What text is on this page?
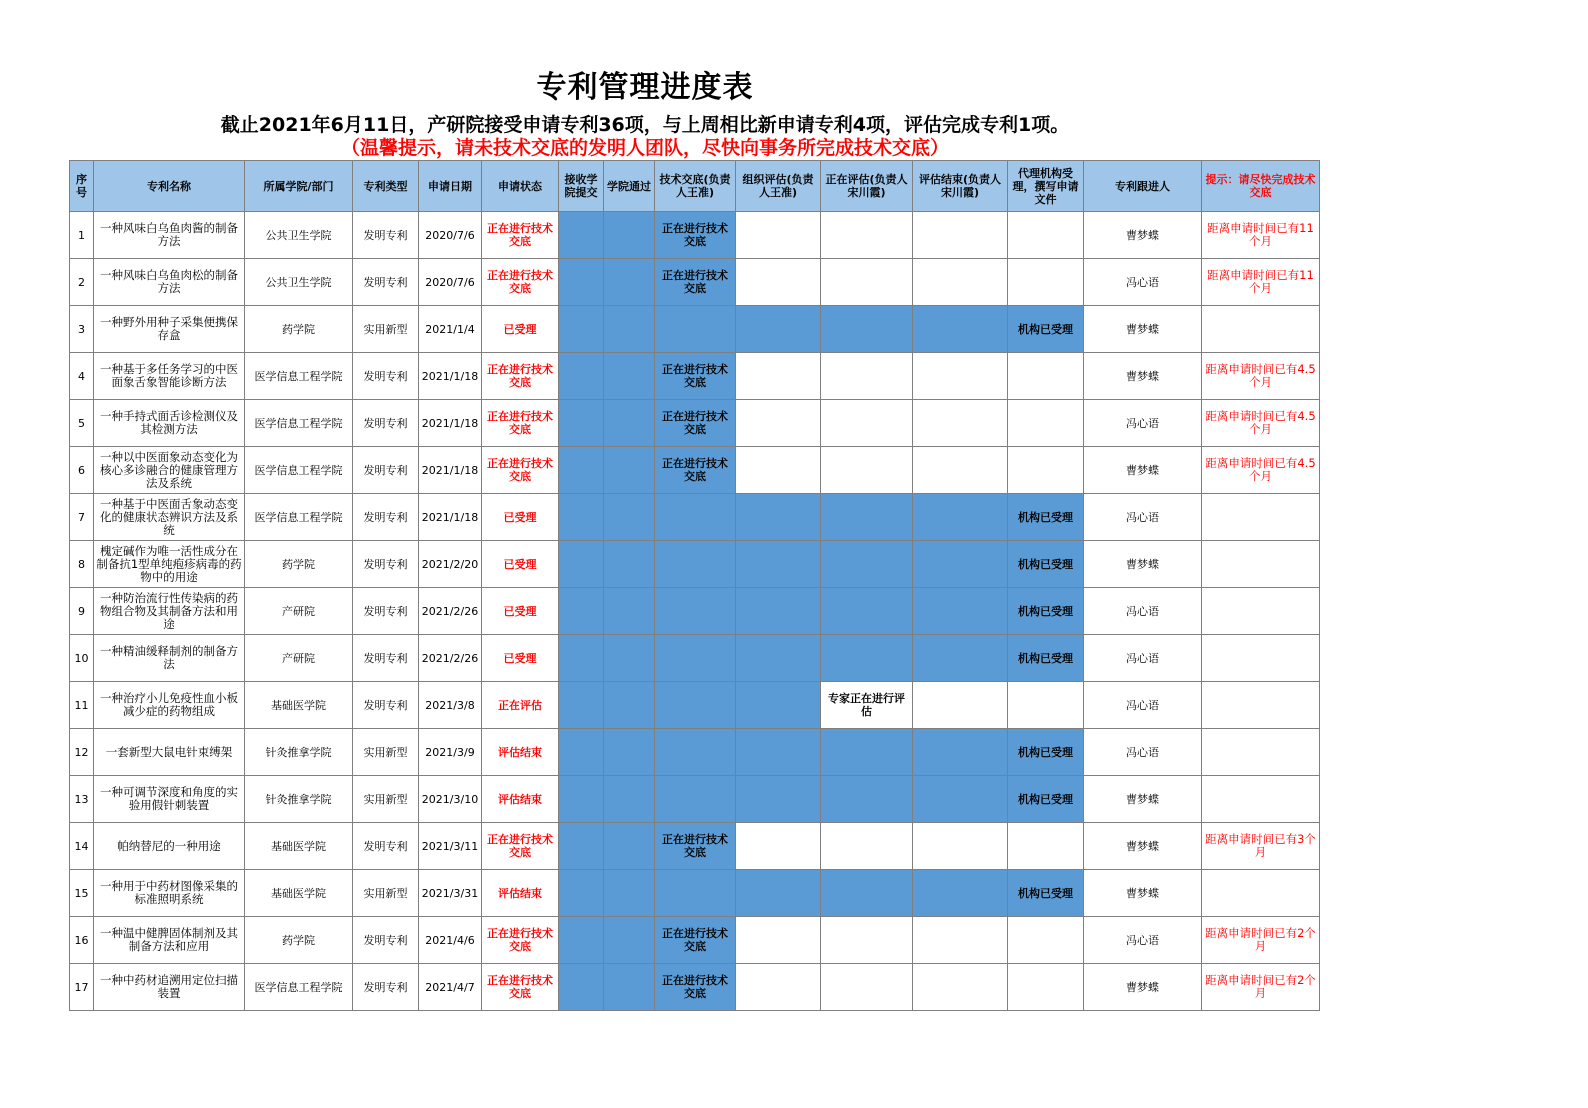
专利管理进度表
截止2021年6月11日，产研院接受申请专利36项，与上周相比新申请专利4项，评估完成专利1项。
（温馨提示，请未技术交底的发明人团队，尽快向事务所完成技术交底）
序号	专利名称	所属学院/部门	专利类型	申请日期	申请状态	接收学院提交	学院通过	技术交底(负责人王准)	组织评估(负责人王准)	正在评估(负责人宋川霞)	评估结束(负责人宋川霞)	代理机构受理，撰写申请文件	专利跟进人	提示：请尽快完成技术交底
1	一种风味白乌鱼肉酱的制备方法	公共卫生学院	发明专利	2020/7/6	正在进行技术交底			正在进行技术交底					曹梦蝶	距离申请时间已有11个月
2	一种风味白乌鱼肉松的制备方法	公共卫生学院	发明专利	2020/7/6	正在进行技术交底			正在进行技术交底					冯心语	距离申请时间已有11个月
3	一种野外用种子采集便携保存盒	药学院	实用新型	2021/1/4	已受理							机构已受理	曹梦蝶	
4	一种基于多任务学习的中医面象舌象智能诊断方法	医学信息工程学院	发明专利	2021/1/18	正在进行技术交底			正在进行技术交底					曹梦蝶	距离申请时间已有4.5个月
5	一种手持式面舌诊检测仪及其检测方法	医学信息工程学院	发明专利	2021/1/18	正在进行技术交底			正在进行技术交底					冯心语	距离申请时间已有4.5个月
6	一种以中医面象动态变化为核心多诊融合的健康管理方法及系统	医学信息工程学院	发明专利	2021/1/18	正在进行技术交底			正在进行技术交底					曹梦蝶	距离申请时间已有4.5个月
7	一种基于中医面舌象动态变化的健康状态辨识方法及系统	医学信息工程学院	发明专利	2021/1/18	已受理							机构已受理	冯心语	
8	槐定碱作为唯一活性成分在制备抗1型单纯疱疹病毒的药物中的用途	药学院	发明专利	2021/2/20	已受理							机构已受理	曹梦蝶	
9	一种防治流行性传染病的药物组合物及其制备方法和用途	产研院	发明专利	2021/2/26	已受理							机构已受理	冯心语	
10	一种精油缓释制剂的制备方法	产研院	发明专利	2021/2/26	已受理							机构已受理	冯心语	
11	一种治疗小儿免疫性血小板减少症的药物组成	基础医学院	发明专利	2021/3/8	正在评估					专家正在进行评估			冯心语	
12	一套新型大鼠电针束缚架	针灸推拿学院	实用新型	2021/3/9	评估结束							机构已受理	冯心语	
13	一种可调节深度和角度的实验用假针刺装置	针灸推拿学院	实用新型	2021/3/10	评估结束							机构已受理	曹梦蝶	
14	帕纳替尼的一种用途	基础医学院	发明专利	2021/3/11	正在进行技术交底			正在进行技术交底					曹梦蝶	距离申请时间已有3个月
15	一种用于中药材图像采集的标准照明系统	基础医学院	实用新型	2021/3/31	评估结束							机构已受理	曹梦蝶	
16	一种温中健脾固体制剂及其制备方法和应用	药学院	发明专利	2021/4/6	正在进行技术交底			正在进行技术交底					冯心语	距离申请时间已有2个月
17	一种中药材追溯用定位扫描装置	医学信息工程学院	发明专利	2021/4/7	正在进行技术交底			正在进行技术交底					曹梦蝶	距离申请时间已有2个月
